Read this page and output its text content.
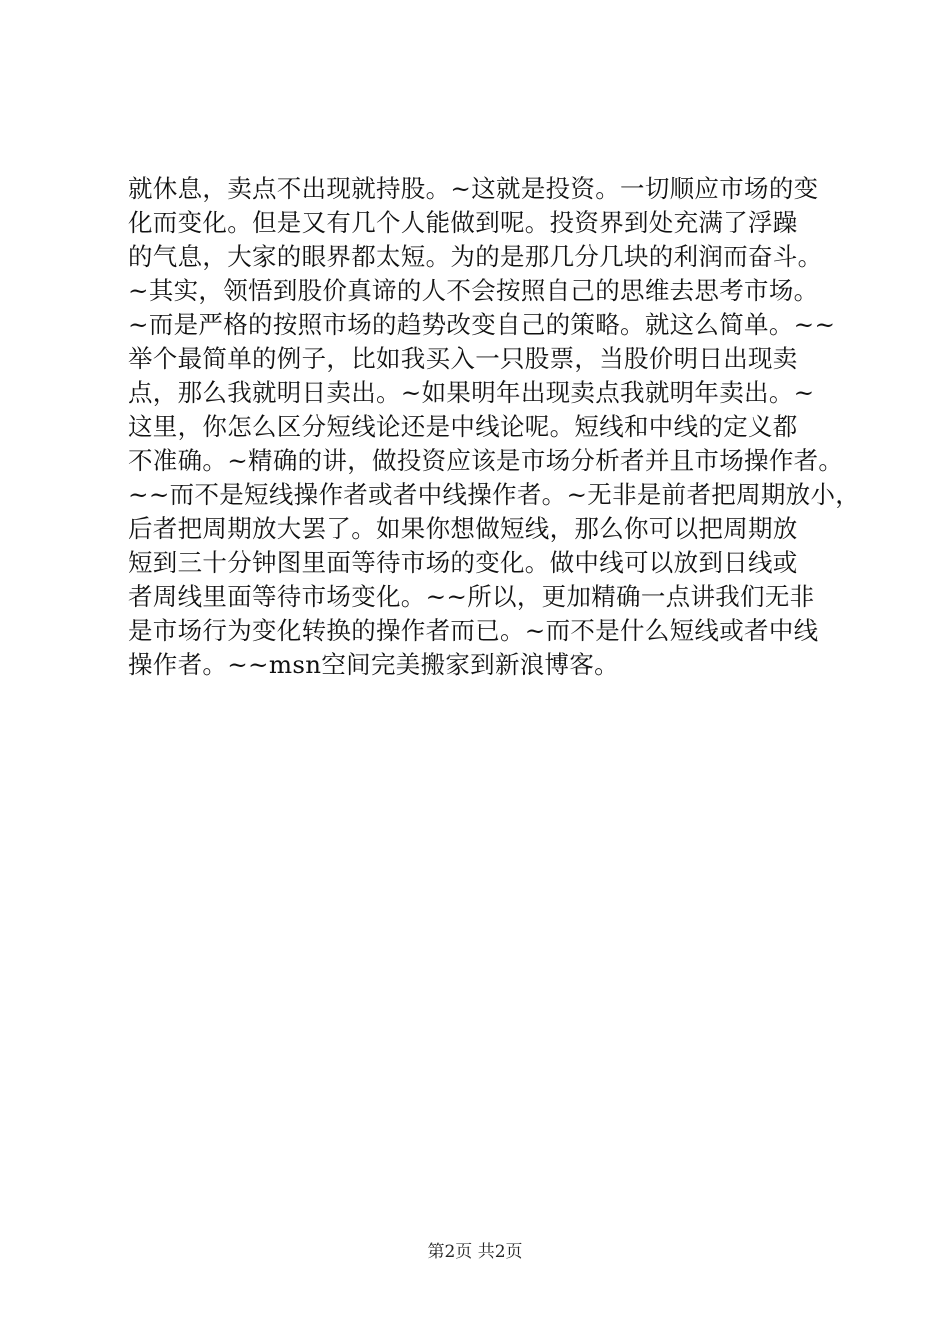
就休息，卖点不出现就持股。~这就是投资。一切顺应市场的变
化而变化。但是又有几个人能做到呢。投资界到处充满了浮躁
的气息，大家的眼界都太短。为的是那几分几块的利润而奋斗。
~其实，领悟到股价真谛的人不会按照自己的思维去思考市场。
~而是严格的按照市场的趋势改变自己的策略。就这么简单。~~
举个最简单的例子，比如我买入一只股票，当股价明日出现卖
点，那么我就明日卖出。~如果明年出现卖点我就明年卖出。~
这里，你怎么区分短线论还是中线论呢。短线和中线的定义都
不准确。~精确的讲，做投资应该是市场分析者并且市场操作者。
~~而不是短线操作者或者中线操作者。~无非是前者把周期放小，
后者把周期放大罢了。如果你想做短线，那么你可以把周期放
短到三十分钟图里面等待市场的变化。做中线可以放到日线或
者周线里面等待市场变化。~~所以，更加精确一点讲我们无非
是市场行为变化转换的操作者而已。~而不是什么短线或者中线
操作者。~~msn空间完美搬家到新浪博客。
第2页 共2页
